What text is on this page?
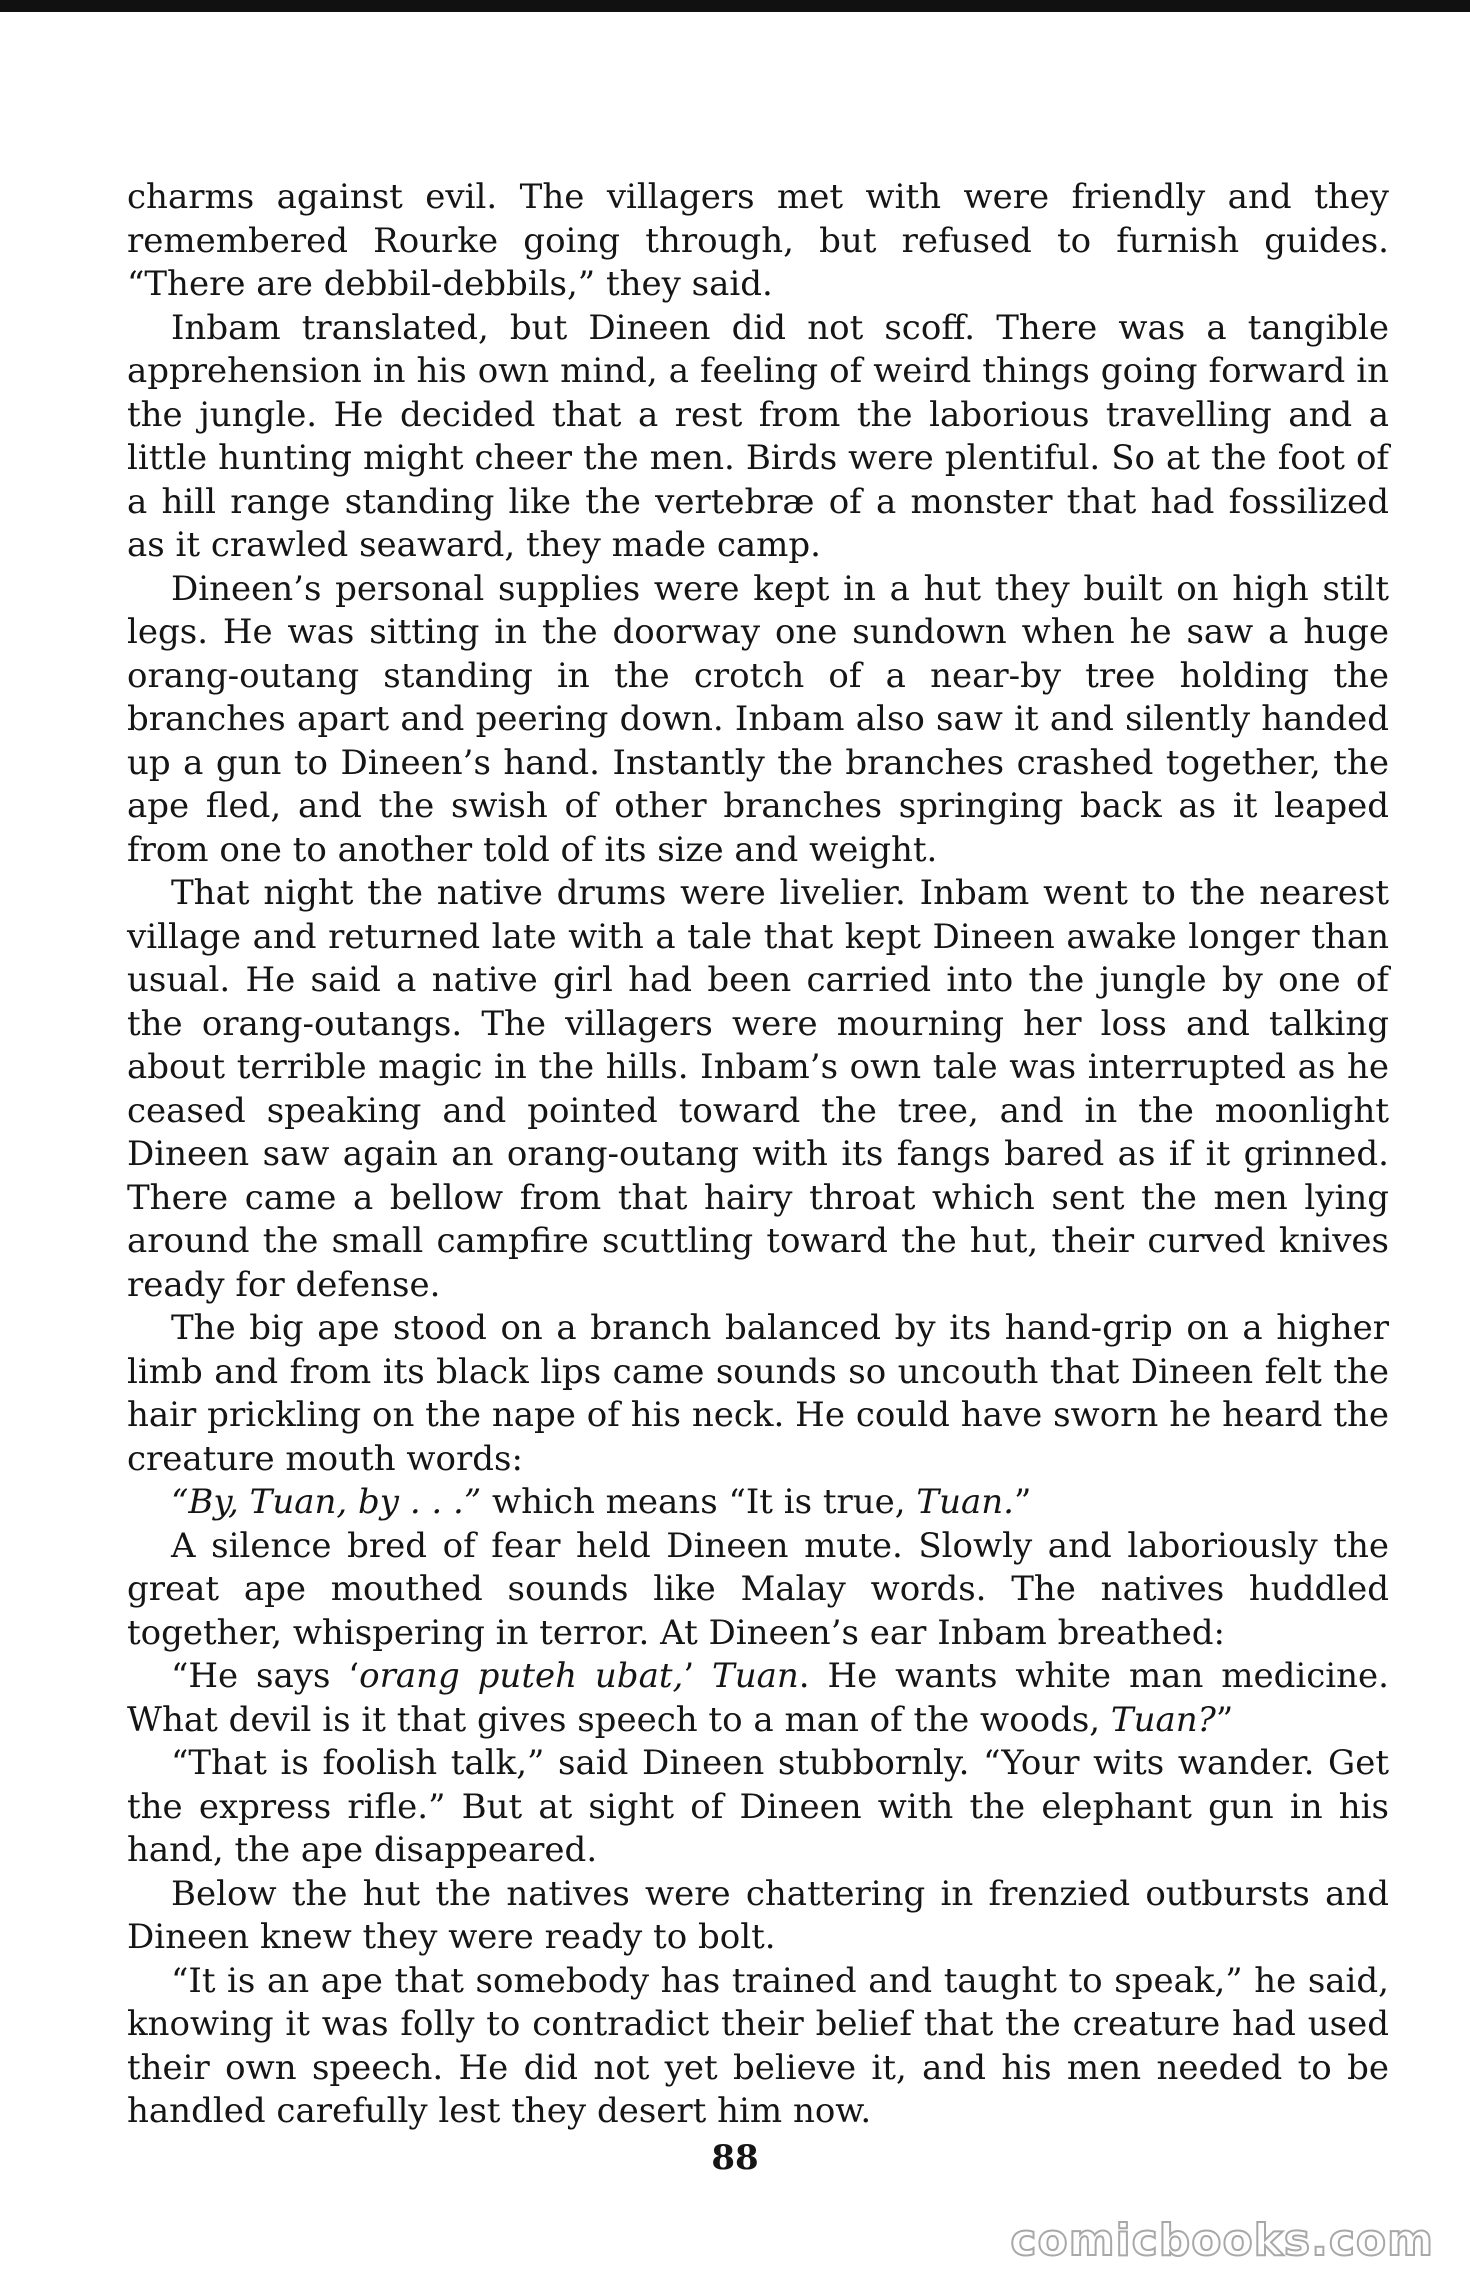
charms against evil. The villagers met with were friendly and they remembered Rourke going through, but refused to furnish guides. “There are debbil-debbils,” they said.

Inbam translated, but Dineen did not scoff. There was a tangible apprehension in his own mind, a feeling of weird things going forward in the jungle. He decided that a rest from the laborious travelling and a little hunting might cheer the men. Birds were plentiful. So at the foot of a hill range standing like the vertebræ of a monster that had fossilized as it crawled seaward, they made camp.

Dineen’s personal supplies were kept in a hut they built on high stilt legs. He was sitting in the doorway one sundown when he saw a huge orang-outang standing in the crotch of a near-by tree holding the branches apart and peering down. Inbam also saw it and silently handed up a gun to Dineen’s hand. Instantly the branches crashed together, the ape fled, and the swish of other branches springing back as it leaped from one to another told of its size and weight.

That night the native drums were livelier. Inbam went to the nearest village and returned late with a tale that kept Dineen awake longer than usual. He said a native girl had been carried into the jungle by one of the orang-outangs. The villagers were mourning her loss and talking about terrible magic in the hills. Inbam’s own tale was interrupted as he ceased speaking and pointed toward the tree, and in the moonlight Dineen saw again an orang-outang with its fangs bared as if it grinned. There came a bellow from that hairy throat which sent the men lying around the small campfire scuttling toward the hut, their curved knives ready for defense.

The big ape stood on a branch balanced by its hand-grip on a higher limb and from its black lips came sounds so uncouth that Dineen felt the hair prickling on the nape of his neck. He could have sworn he heard the creature mouth words:

“By, Tuan, by . . .” which means “It is true, Tuan.”

A silence bred of fear held Dineen mute. Slowly and laboriously the great ape mouthed sounds like Malay words. The natives huddled together, whispering in terror. At Dineen’s ear Inbam breathed:

“He says ‘orang puteh ubat,’ Tuan. He wants white man medicine. What devil is it that gives speech to a man of the woods, Tuan?”

“That is foolish talk,” said Dineen stubbornly. “Your wits wander. Get the express rifle.” But at sight of Dineen with the elephant gun in his hand, the ape disappeared.

Below the hut the natives were chattering in frenzied outbursts and Dineen knew they were ready to bolt.

“It is an ape that somebody has trained and taught to speak,” he said, knowing it was folly to contradict their belief that the creature had used their own speech. He did not yet believe it, and his men needed to be handled carefully lest they desert him now.

88
comicbooks.com
